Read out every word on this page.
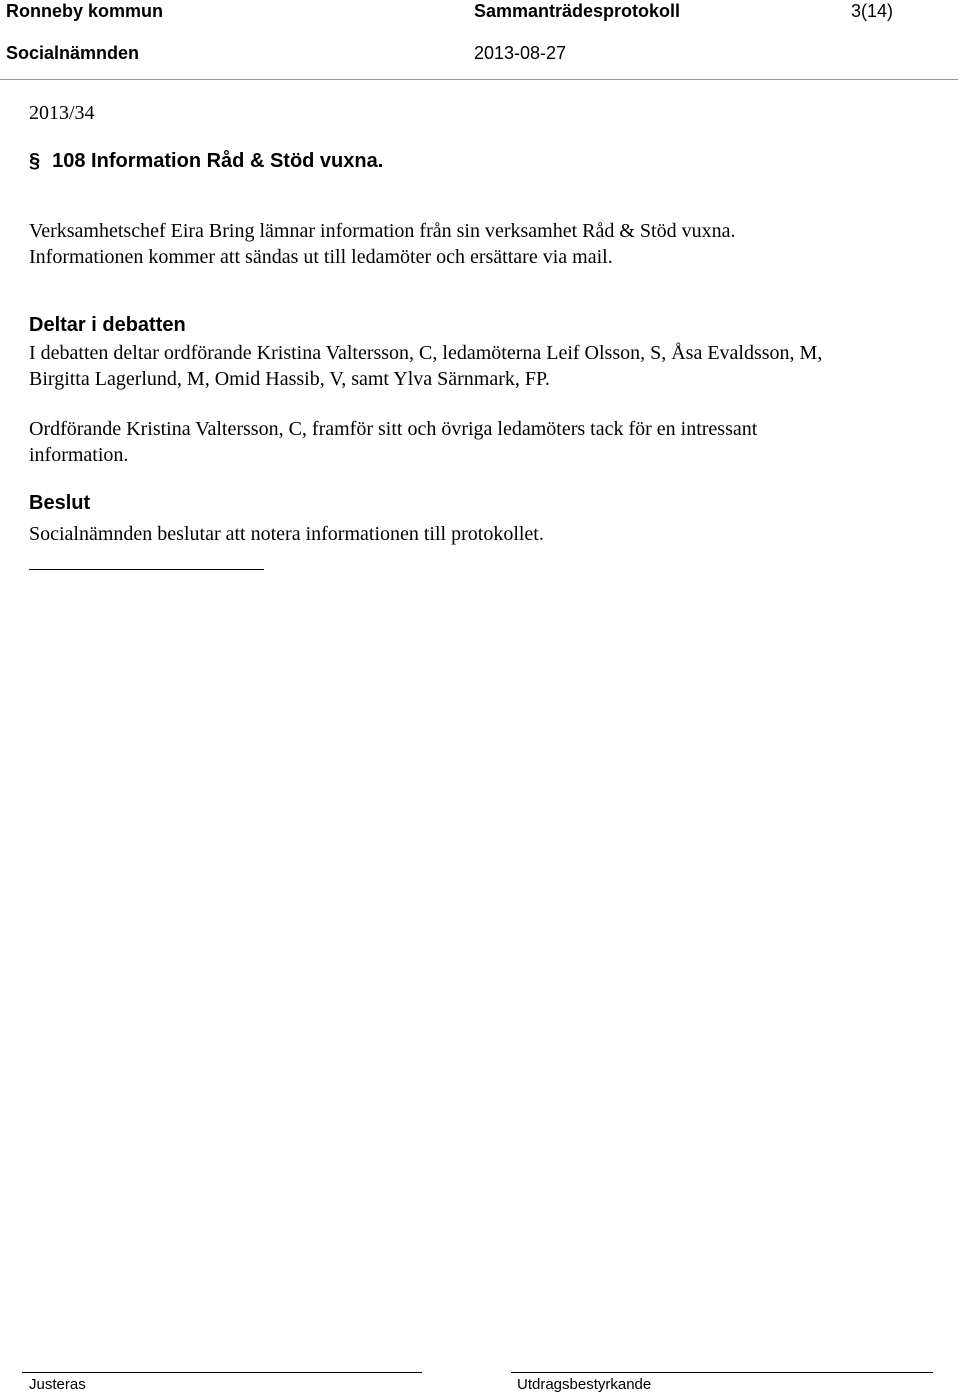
Ronneby kommun	Sammanträdesprotokoll	3(14)
Socialnämnden	2013-08-27
2013/34
§ 108 Information Råd & Stöd vuxna.

Verksamhetschef Eira Bring lämnar information från sin verksamhet Råd & Stöd vuxna.
Informationen kommer att sändas ut till ledamöter och ersättare via mail.

Deltar i debatten

I debatten deltar ordförande Kristina Valtersson, C, ledamöterna Leif Olsson, S, Åsa Evaldsson, M,
Birgitta Lagerlund, M, Omid Hassib, V, samt Ylva Särnmark, FP.

Ordförande Kristina Valtersson, C, framför sitt och övriga ledamöters tack för en intressant
information.

Beslut

Socialnämnden beslutar att notera informationen till protokollet.

Justeras	Utdragsbestyrkande
